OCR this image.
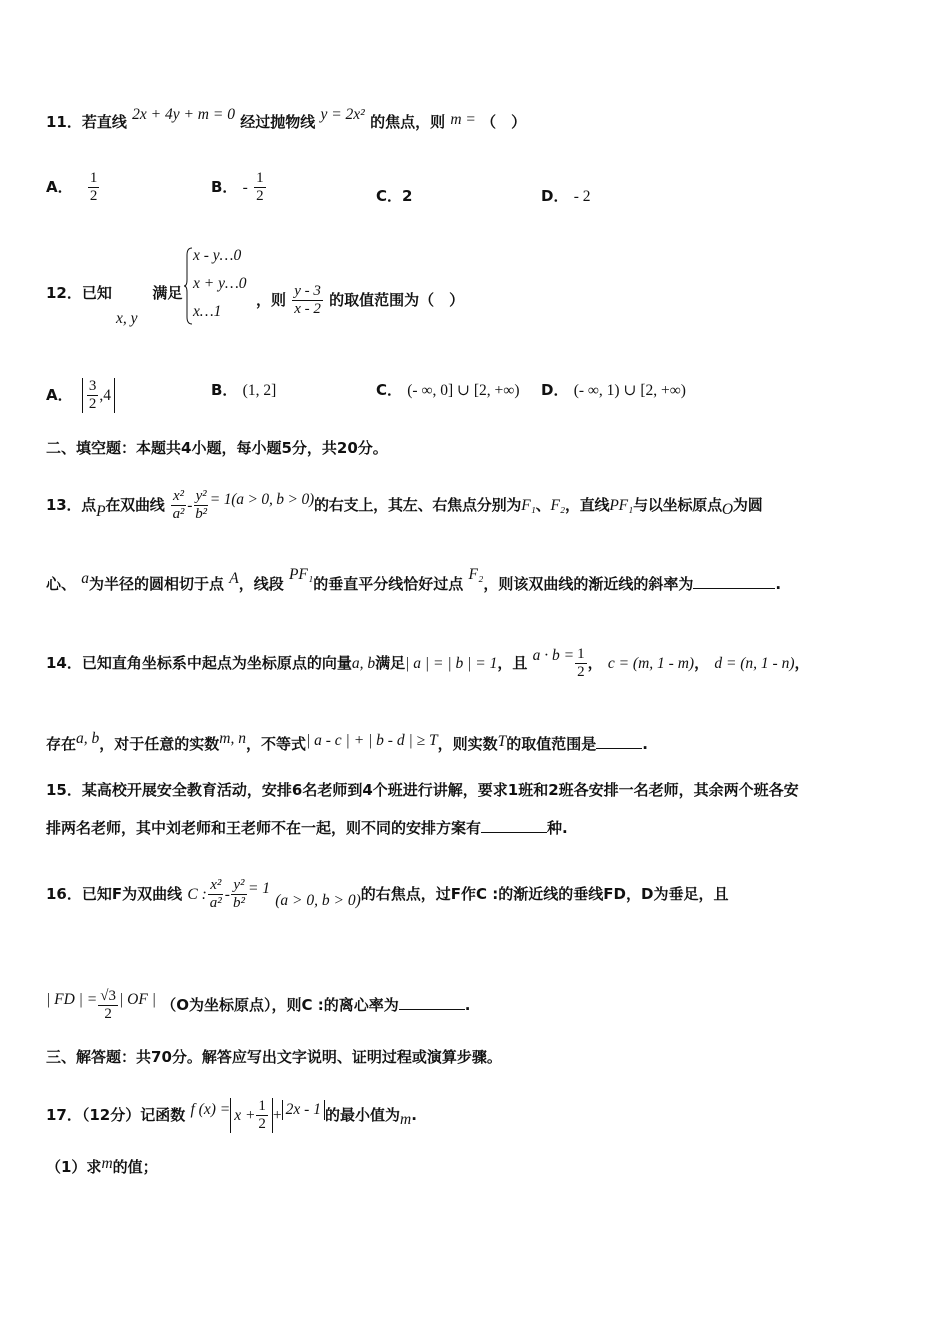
11．若直线 2x + 4y + m = 0 经过抛物线 y = 2x² 的焦点，则 m = （　）
A． $\frac{1}{2}$	B． - $\frac{1}{2}$	C．2	D． - 2
12．已知	满足
x, y
x - y…0
x + y…0
x…1
，则 $\frac{y - 3}{x - 2}$ 的取值范围为（　）
A． $\frac{3}{2} ,4$	B． (1, 2]	C． (- ∞, 0] ∪ [2, +∞) D． (- ∞, 1) ∪ [2, +∞)
二、填空题：本题共4小题，每小题5分，共20分。
13．点P在双曲线 $\frac{\text{x²}}{\text{a²}} - \frac{\text{y²}}{\text{b²}} = 1(a > 0$, b > 0)的右支上，其左、右焦点分别为F₁、F₂，直线PF₁与以坐标原点O为圆
心、 a为半径的圆相切于点 A，线段 PF₁的垂直平分线恰好过点 F₂，则该双曲线的渐近线的斜率为	.
14．已知直角坐标系中起点为坐标原点的向量a, b满足| a | = | b | = 1，且 $a \cdot b = \frac{1}{2}$ ， c = (m, 1 - m)， d = (n, 1 - n)，
存在a, b，对于任意的实数m, n，不等式| a - c | + | b - d | ≥ T，则实数T的取值范围是	.
15．某高校开展安全教育活动，安排6名老师到4个班进行讲解，要求1班和2班各安排一名老师，其余两个班各安
排两名老师，其中刘老师和王老师不在一起，则不同的安排方案有	种.
16．已知F为双曲线 C : $\frac{\text{x²}}{\text{a²}} - \frac{\text{y²}}{\text{b²}} = 1$ (a > 0, b > 0)的右焦点，过F作C :的渐近线的垂线FD，D为垂足，且
| FD | = $\frac{√3}{2}$ | OF | （O为坐标原点），则C :的离心率为	.
三、解答题：共70分。解答应写出文字说明、证明过程或演算步骤。
17．（12分）记函数 f $(x) = x + \frac{1}{2} + 2x - 1$ 的最小值为m.
（1）求m的值；
